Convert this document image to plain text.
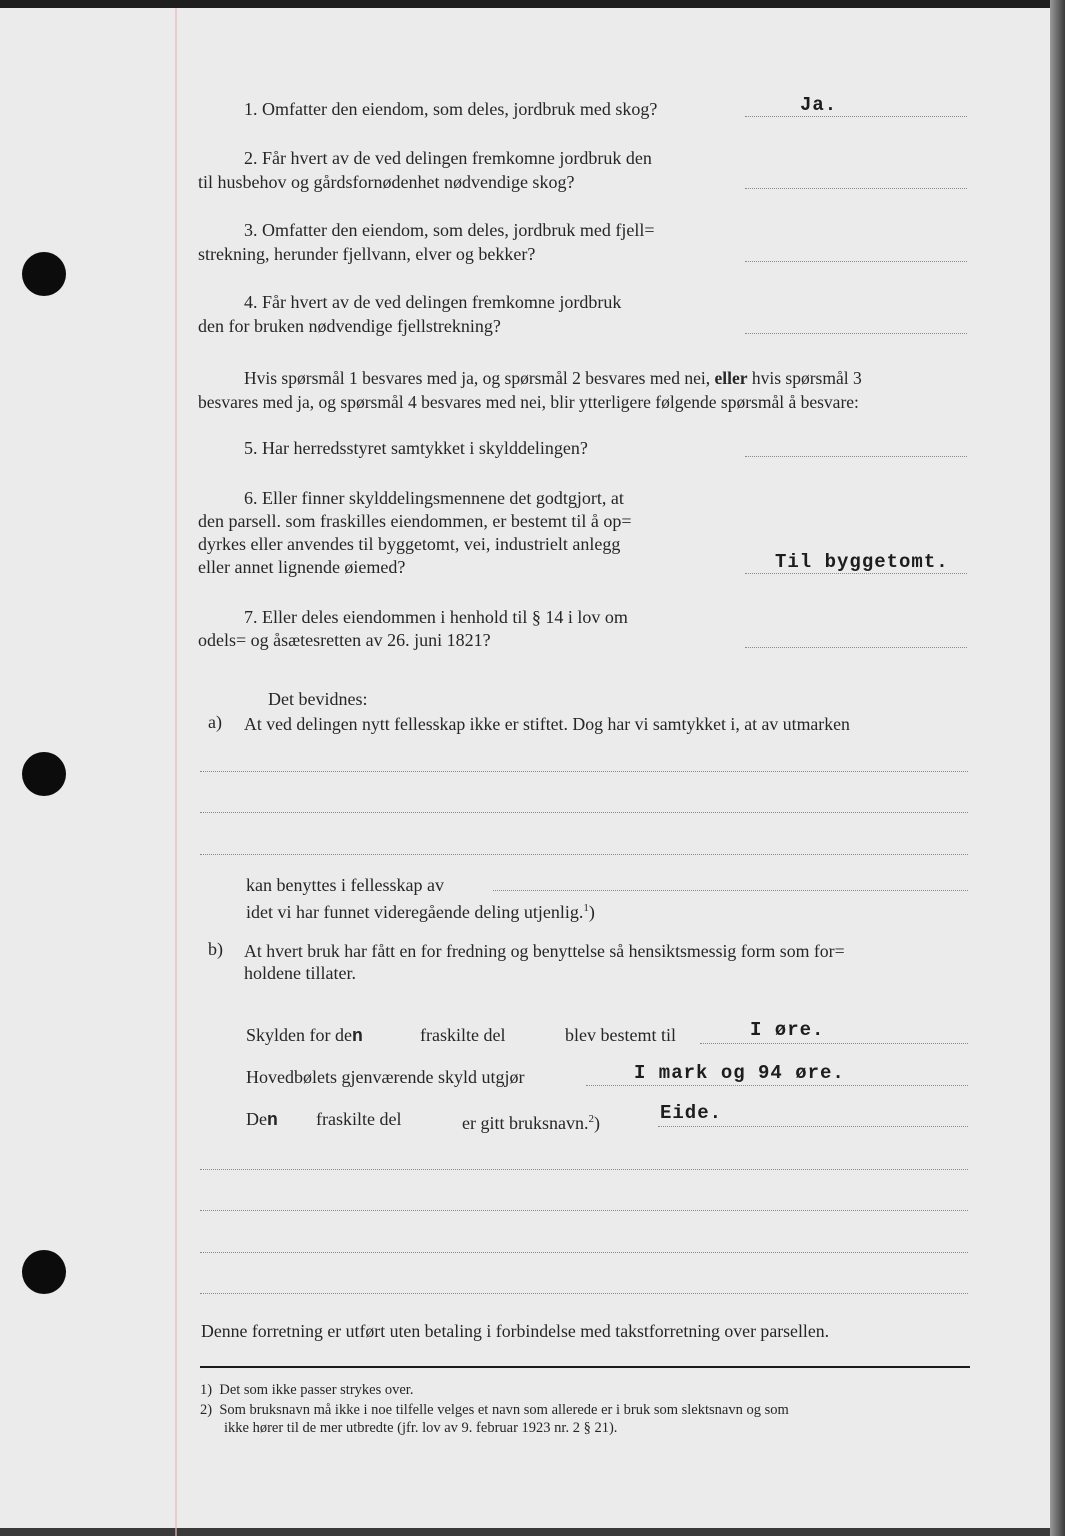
1. Omfatter den eiendom, som deles, jordbruk med skog?	Ja.
2. Får hvert av de ved delingen fremkomne jordbruk den
til husbehov og gårdsfornødenhet nødvendige skog?
3. Omfatter den eiendom, som deles, jordbruk med fjell=
strekning, herunder fjellvann, elver og bekker?
4. Får hvert av de ved delingen fremkomne jordbruk
den for bruken nødvendige fjellstrekning?
Hvis spørsmål 1 besvares med ja, og spørsmål 2 besvares med nei, eller hvis spørsmål 3
besvares med ja, og spørsmål 4 besvares med nei, blir ytterligere følgende spørsmål å besvare:
5. Har herredsstyret samtykket i skylddelingen?
6. Eller finner skylddelingsmennene det godtgjort, at
den parsell. som fraskilles eiendommen, er bestemt til å op=
dyrkes eller anvendes til byggetomt, vei, industrielt anlegg
eller annet lignende øiemed?	Til byggetomt.
7. Eller deles eiendommen i henhold til § 14 i lov om
odels= og åsætesretten av 26. juni 1821?
Det bevidnes:
a) At ved delingen nytt fellesskap ikke er stiftet. Dog har vi samtykket i, at av utmarken
kan benyttes i fellesskap av
idet vi har funnet videregående deling utjenlig.$^1$)
b) At hvert bruk har fått en for fredning og benyttelse så hensiktsmessig form som for=
holdene tillater.
Skylden for den	fraskilte del	blev bestemt til	I øre.
Hovedbølets gjenværende skyld utgjør	I mark og 94 øre.
Den fraskilte del	er gitt bruksnavn.$^2$)	Eide.
Denne forretning er utført uten betaling i forbindelse med takstforretning over parsellen.
1) Det som ikke passer strykes over.
2) Som bruksnavn må ikke i noe tilfelle velges et navn som allerede er i bruk som slektsnavn og som
ikke hører til de mer utbredte (jfr. lov av 9. februar 1923 nr. 2 § 21).
